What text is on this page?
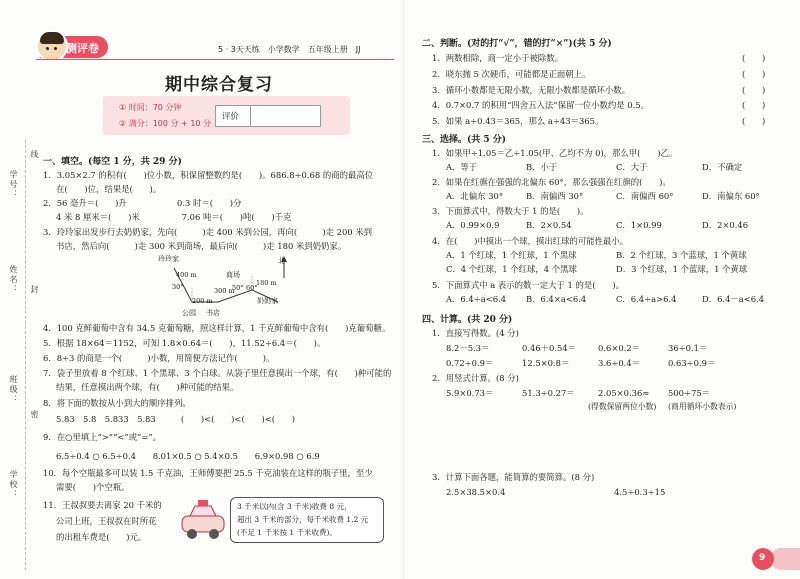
学号：
姓名：
班级：
学校：
线
封
密
测评卷	5 · 3天天练　小学数学　五年级上册　JJ
期中综合复习
① 时间：70 分钟
② 满分：100 分 + 10 分
评价
一、填空。(每空 1 分，共 29 分)
1．3.05×2.7 的积有(　　)位小数，积保留整数约是(　　)。686.8÷0.68 的商的最高位
在(　　)位，结果是(　　)。
2．56 毫升＝(　　)升　　　　　　0.3 时＝(　　)分
4 米 8 厘米＝(　　)米　　　　　7.06 吨＝(　　)吨(　　)千克
3．玲玲家出发步行去奶奶家，先向(　　　)走 400 米到公园，再向(　　　)走 200 米到
书店，然后向(　　　)走 300 米到商场，最后向(　　　)走 180 米到奶奶家。
玲玲家	北
400 m
30°
200 m
商场
300 m
50° 60°
180 m
奶奶家
公园 书店
4．100 克鲜葡萄中含有 34.5 克葡萄糖，照这样计算，1 千克鲜葡萄中含有(　　)克葡萄糖。
5．根据 18×64＝1152，可知 1.8×0.64＝(　　)，11.52÷6.4＝(　　)。
6．8÷3 的商是一个(　　　)小数，用简便方法记作(　　　)。
7．袋子里放着 8 个红球、1 个黑球、3 个白球。从袋子里任意摸出一个球，有(　　)种可能的
结果，任意摸出两个球，有(　　)种可能的结果。
8．将下面的数按从小到大的顺序排列。
5.83　5.8　5.833　5.83　　　(　　)<(　　)<(　　)<(　　)
9．在○里填上“>”“<”或“=”。
6.5÷0.4 ○ 6.5÷0.4　　8.01×0.5 ○ 5.4×0.5　　6.9×0.98 ○ 6.9
10．每个空瓶最多可以装 1.5 千克油，王师傅要把 25.5 千克油装在这样的瓶子里，至少
需要(　　)个空瓶。
11．王叔叔要去离家 20 千米的
公司上班，王叔叔在时所花
的出租车费是(　　)元。
3 千米以内(含 3 千米)收费 8 元，
超出 3 千米的部分，每千米收费 1.2 元
(不足 1 千米按 1 千米收费)。
二、判断。(对的打“√”，错的打“×”)(共 5 分)
1．两数相除，商一定小于被除数。	(　　)
2．晓东抛 5 次硬币，可能都是正面朝上。	(　　)
3．循环小数都是无限小数，无限小数都是循环小数。	(　　)
4．0.7×0.7 的积用“四舍五入法”保留一位小数约是 0.5。	(　　)
5．如果 a÷0.43＝365，那么 a÷43＝365。	(　　)
三、选择。(共 5 分)
1．如果甲÷1.05＝乙÷1.05(甲、乙均不为 0)，那么甲(　　)乙。
A．等于	B．小于	C．大于	D．不确定
2．如果在红旗在强强的北偏东 60°，那么强强在红旗的(　　)。
A．北偏东 30°	B．南偏西 30°	C．南偏西 60°	D．南偏东 60°
3．下面算式中，得数大于 1 的是(　　)。
A．0.99×0.9	B．2×0.54	C．1×0.99	D．2×0.46
4．在(　　)中摸出一个球，摸出红球的可能性最小。
A．1 个红球，1 个红球，1 个黑球	B．2 个红球，3 个蓝球，1 个黄球
C．4 个红球，1 个红球，4 个黑球	D．3 个红球，1 个蓝球，1 个黄球
5．下面算式中 a 表示的数一定大于 1 的是(　　)。
A．6.4÷a<6.4 B．6.4×a<6.4	C．6.4÷a>6.4	D．6.4－a<6.4
四、计算。(共 20 分)
1．直接写得数。(4 分)
8.2－5.3＝	0.46＋0.54＝	0.6×0.2＝	36÷0.1＝
0.72÷0.9＝	12.5×0.8＝	3.6÷0.4＝	0.63÷0.9＝
2．用竖式计算。(8 分)
5.9×0.73＝	51.3÷0.27＝	2.05×0.36≈ 500÷75＝
(得数保留两位小数) (商用循环小数表示)
3．计算下面各题，能简算的要简算。(8 分)
2.5×38.5×0.4	4.5÷0.3÷15
9
